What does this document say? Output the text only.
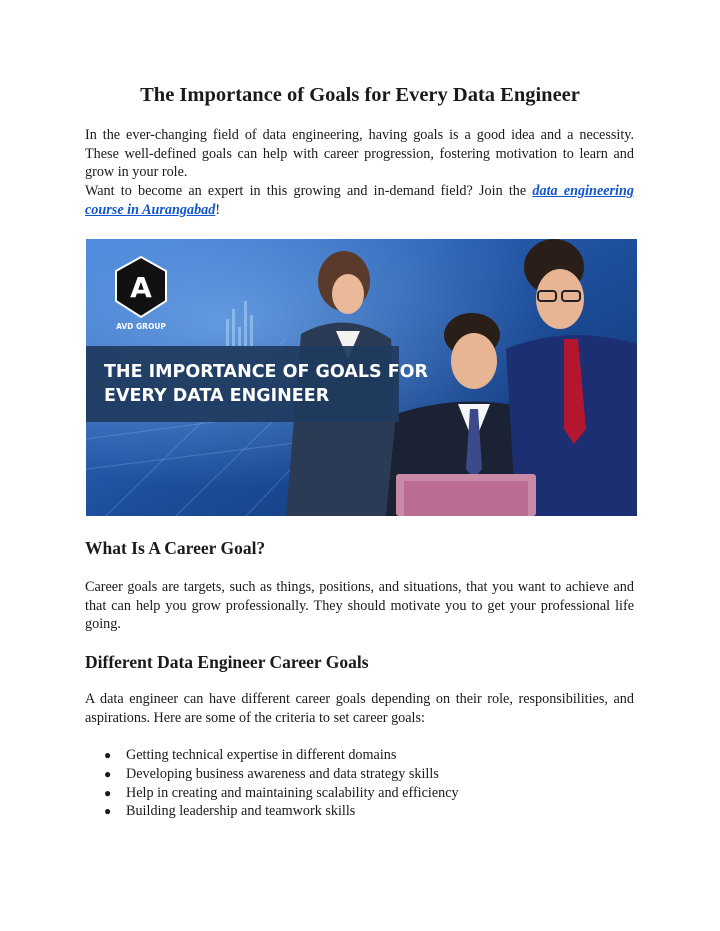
The Importance of Goals for Every Data Engineer

In the ever-changing field of data engineering, having goals is a good idea and a necessity. These well-defined goals can help with career progression, fostering motivation to learn and grow in your role.

Want to become an expert in this growing and in-demand field? Join the data engineering course in Aurangabad!

THE IMPORTANCE OF GOALS FOR
EVERY DATA ENGINEER
A
AVD GROUP
What Is A Career Goal?

Career goals are targets, such as things, positions, and situations, that you want to achieve and that can help you grow professionally. They should motivate you to get your professional life going.

Different Data Engineer Career Goals

A data engineer can have different career goals depending on their role, responsibilities, and aspirations. Here are some of the criteria to set career goals:

● Getting technical expertise in different domains
● Developing business awareness and data strategy skills
● Help in creating and maintaining scalability and efficiency
● Building leadership and teamwork skills
